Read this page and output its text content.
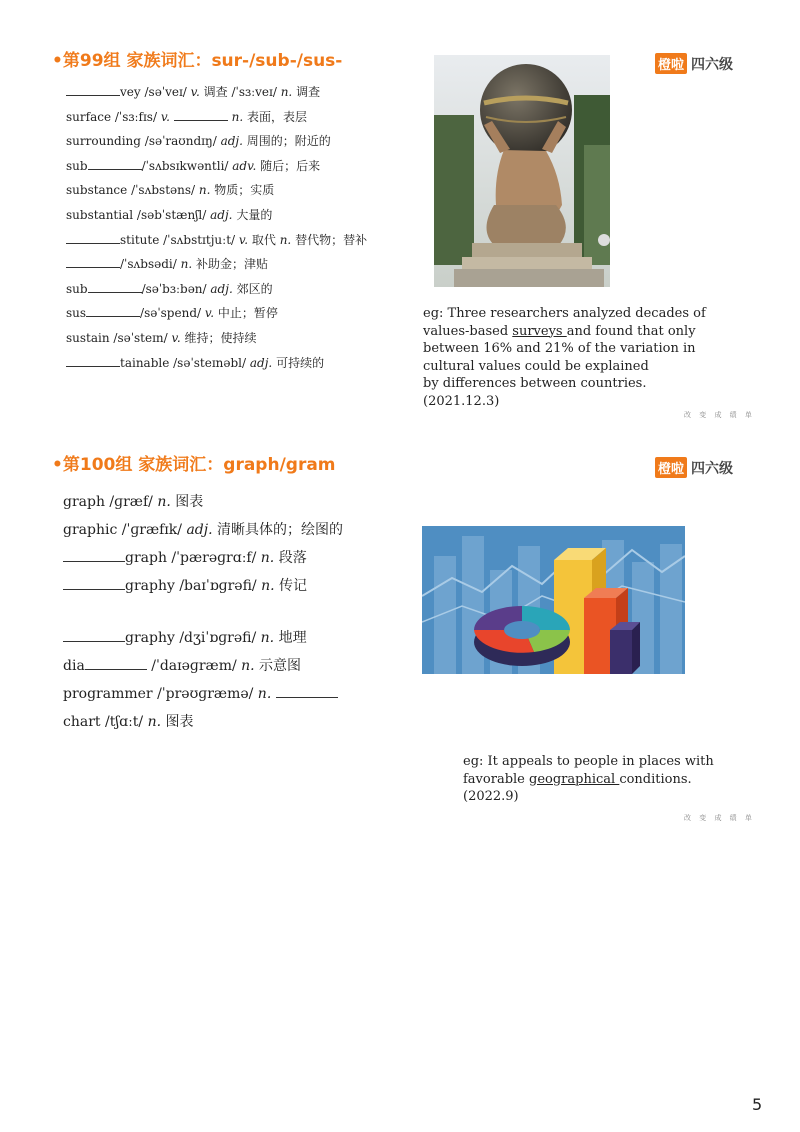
•第99组 家族词汇：sur-/sub-/sus-	橙啦 四六级
vey /səˈveɪ/ v. 调查 /ˈsɜːveɪ/ n. 调查
surface /ˈsɜːfɪs/ v.	n. 表面，表层
surrounding /səˈraʊndɪŋ/ adj. 周围的；附近的
sub	/ˈsʌbsɪkwəntli/ adv. 随后；后来
substance /ˈsʌbstəns/ n. 物质；实质
substantial /səbˈstænʃl/ adj. 大量的
stitute /ˈsʌbstɪtjuːt/ v. 取代 n. 替代物；替补
/ˈsʌbsədi/ n. 补助金；津贴
sub	/səˈbɜːbən/ adj. 郊区的
sus	/səˈspend/ v. 中止；暂停
sustain /səˈsteɪn/ v. 维持；使持续
tainable /səˈsteɪnəbl/ adj. 可持续的
eg: Three researchers analyzed decades of
values-based surveys and found that only
between 16% and 21% of the variation in
cultural values could be explained
by differences between countries.
(2021.12.3)
改 变 成 绩 单
•第100组 家族词汇：graph/gram	橙啦 四六级
graph /ɡræf/ n. 图表
graphic /ˈɡræfɪk/ adj. 清晰具体的；绘图的
graph /ˈpærəɡrɑːf/ n. 段落
graphy /baɪˈɒɡrəfi/ n. 传记
graphy /dʒiˈɒɡrəfi/ n. 地理
dia	/ˈdaɪəɡræm/ n. 示意图
programmer /ˈprəʊɡræmə/ n.
chart /tʃɑːt/ n. 图表
eg: It appeals to people in places with
favorable geographical conditions.
(2022.9)
改 变 成 绩 单
5
